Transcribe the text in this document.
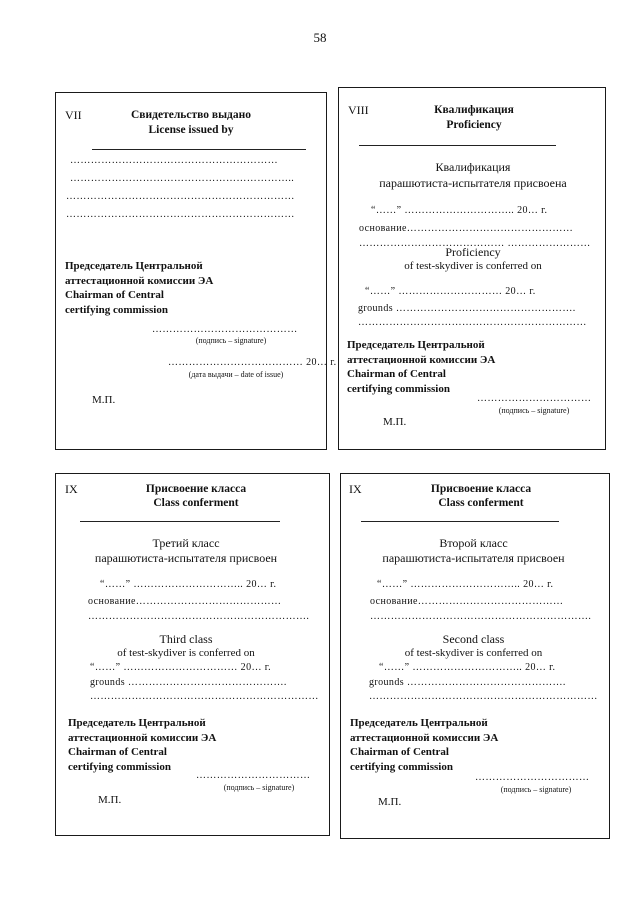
58
VII	Свидетельство выдано
License issued by
……………………………………………………
………………………………………………………..
…………………………………………………………
…………………………………………………………
Председатель Центральной
аттестационной комиссии ЭА
Chairman of Central
certifying commission
……………………………………
(подпись – signature)
………………………………… 20… г.
(дата выдачи – date of issue)
М.П.
VIII	Квалификация
Proficiency
Квалификация
парашютиста-испытателя присвоена
“……” ………………………….. 20… г.
основание…………………………………………
…………………………………… ……………………
Proficiency
of test-skydiver is conferred on
“……” ………………………… 20… г.
grounds …………………………………………….
…………………………………………………………
Председатель Центральной
аттестационной комиссии ЭА
Chairman of Central
certifying commission
……………………………
(подпись – signature)
М.П.
IX	Присвоение класса
Class conferment
Третий класс
парашютиста-испытателя присвоен
“……” ………………………….. 20… г.
основание……………………………………
……………………………………………………….
Third class
of test-skydiver is conferred on
“……” …………………………… 20… г.
grounds ……………………………………….
…………………………………………………………
Председатель Центральной
аттестационной комиссии ЭА
Chairman of Central
certifying commission
……………………………
(подпись – signature)
М.П.
IX	Присвоение класса
Class conferment
Второй класс
парашютиста-испытателя присвоен
“……” ………………………….. 20… г.
основание……………………………………
……………………………………………………….
Second class
of test-skydiver is conferred on
“……” ………………………….. 20… г.
grounds ……………………………………….
…………………………………………………………
Председатель Центральной
аттестационной комиссии ЭА
Chairman of Central
certifying commission
……………………………
(подпись – signature)
М.П.
